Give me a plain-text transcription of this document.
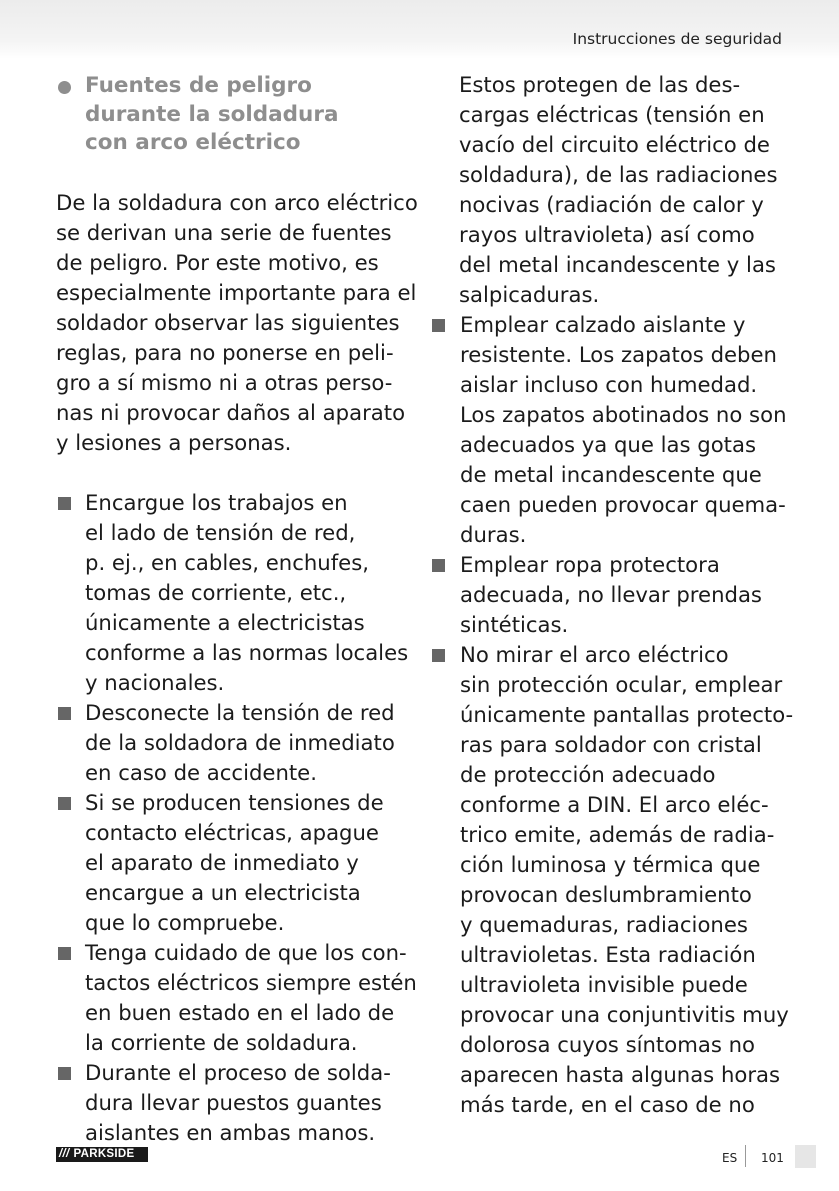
Instrucciones de seguridad
Fuentes de peligro
durante la soldadura
con arco eléctrico
De la soldadura con arco eléctrico
se derivan una serie de fuentes
de peligro. Por este motivo, es
especialmente importante para el
soldador observar las siguientes
reglas, para no ponerse en peli-
gro a sí mismo ni a otras perso-
nas ni provocar daños al aparato
y lesiones a personas.
Encargue los trabajos en
el lado de tensión de red,
p. ej., en cables, enchufes,
tomas de corriente, etc.,
únicamente a electricistas
conforme a las normas locales
y nacionales.
Desconecte la tensión de red
de la soldadora de inmediato
en caso de accidente.
Si se producen tensiones de
contacto eléctricas, apague
el aparato de inmediato y
encargue a un electricista
que lo compruebe.
Tenga cuidado de que los con-
tactos eléctricos siempre estén
en buen estado en el lado de
la corriente de soldadura.
Durante el proceso de solda-
dura llevar puestos guantes
aislantes en ambas manos.
Estos protegen de las des-
cargas eléctricas (tensión en
vacío del circuito eléctrico de
soldadura), de las radiaciones
nocivas (radiación de calor y
rayos ultravioleta) así como
del metal incandescente y las
salpicaduras.
Emplear calzado aislante y
resistente. Los zapatos deben
aislar incluso con humedad.
Los zapatos abotinados no son
adecuados ya que las gotas
de metal incandescente que
caen pueden provocar quema-
duras.
Emplear ropa protectora
adecuada, no llevar prendas
sintéticas.
No mirar el arco eléctrico
sin protección ocular, emplear
únicamente pantallas protecto-
ras para soldador con cristal
de protección adecuado
conforme a DIN. El arco eléc-
trico emite, además de radia-
ción luminosa y térmica que
provocan deslumbramiento
y quemaduras, radiaciones
ultravioletas. Esta radiación
ultravioleta invisible puede
provocar una conjuntivitis muy
dolorosa cuyos síntomas no
aparecen hasta algunas horas
más tarde, en el caso de no
/// PARKSIDE	ES 101
